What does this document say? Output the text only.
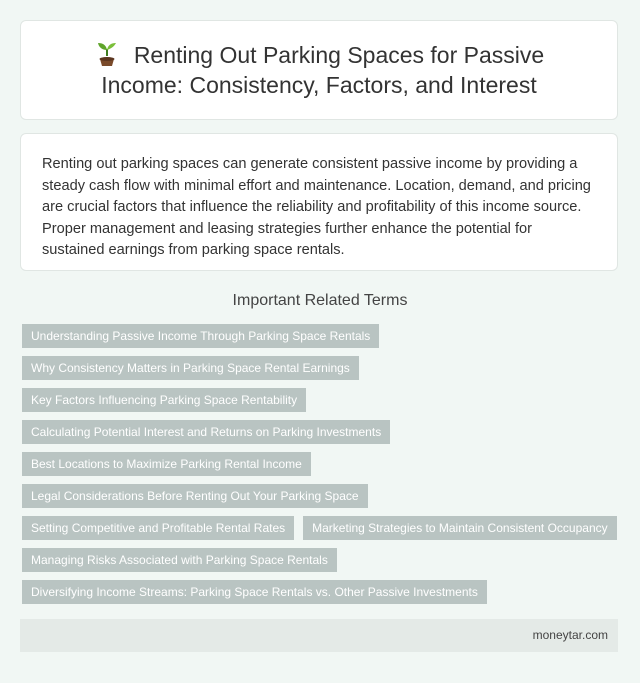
Renting Out Parking Spaces for Passive Income: Consistency, Factors, and Interest

Renting out parking spaces can generate consistent passive income by providing a steady cash flow with minimal effort and maintenance. Location, demand, and pricing are crucial factors that influence the reliability and profitability of this income source. Proper management and leasing strategies further enhance the potential for sustained earnings from parking space rentals.

Important Related Terms
Understanding Passive Income Through Parking Space Rentals
Why Consistency Matters in Parking Space Rental Earnings
Key Factors Influencing Parking Space Rentability
Calculating Potential Interest and Returns on Parking Investments
Best Locations to Maximize Parking Rental Income
Legal Considerations Before Renting Out Your Parking Space
Setting Competitive and Profitable Rental Rates	Marketing Strategies to Maintain Consistent Occupancy
Managing Risks Associated with Parking Space Rentals
Diversifying Income Streams: Parking Space Rentals vs. Other Passive Investments
moneytar.com
